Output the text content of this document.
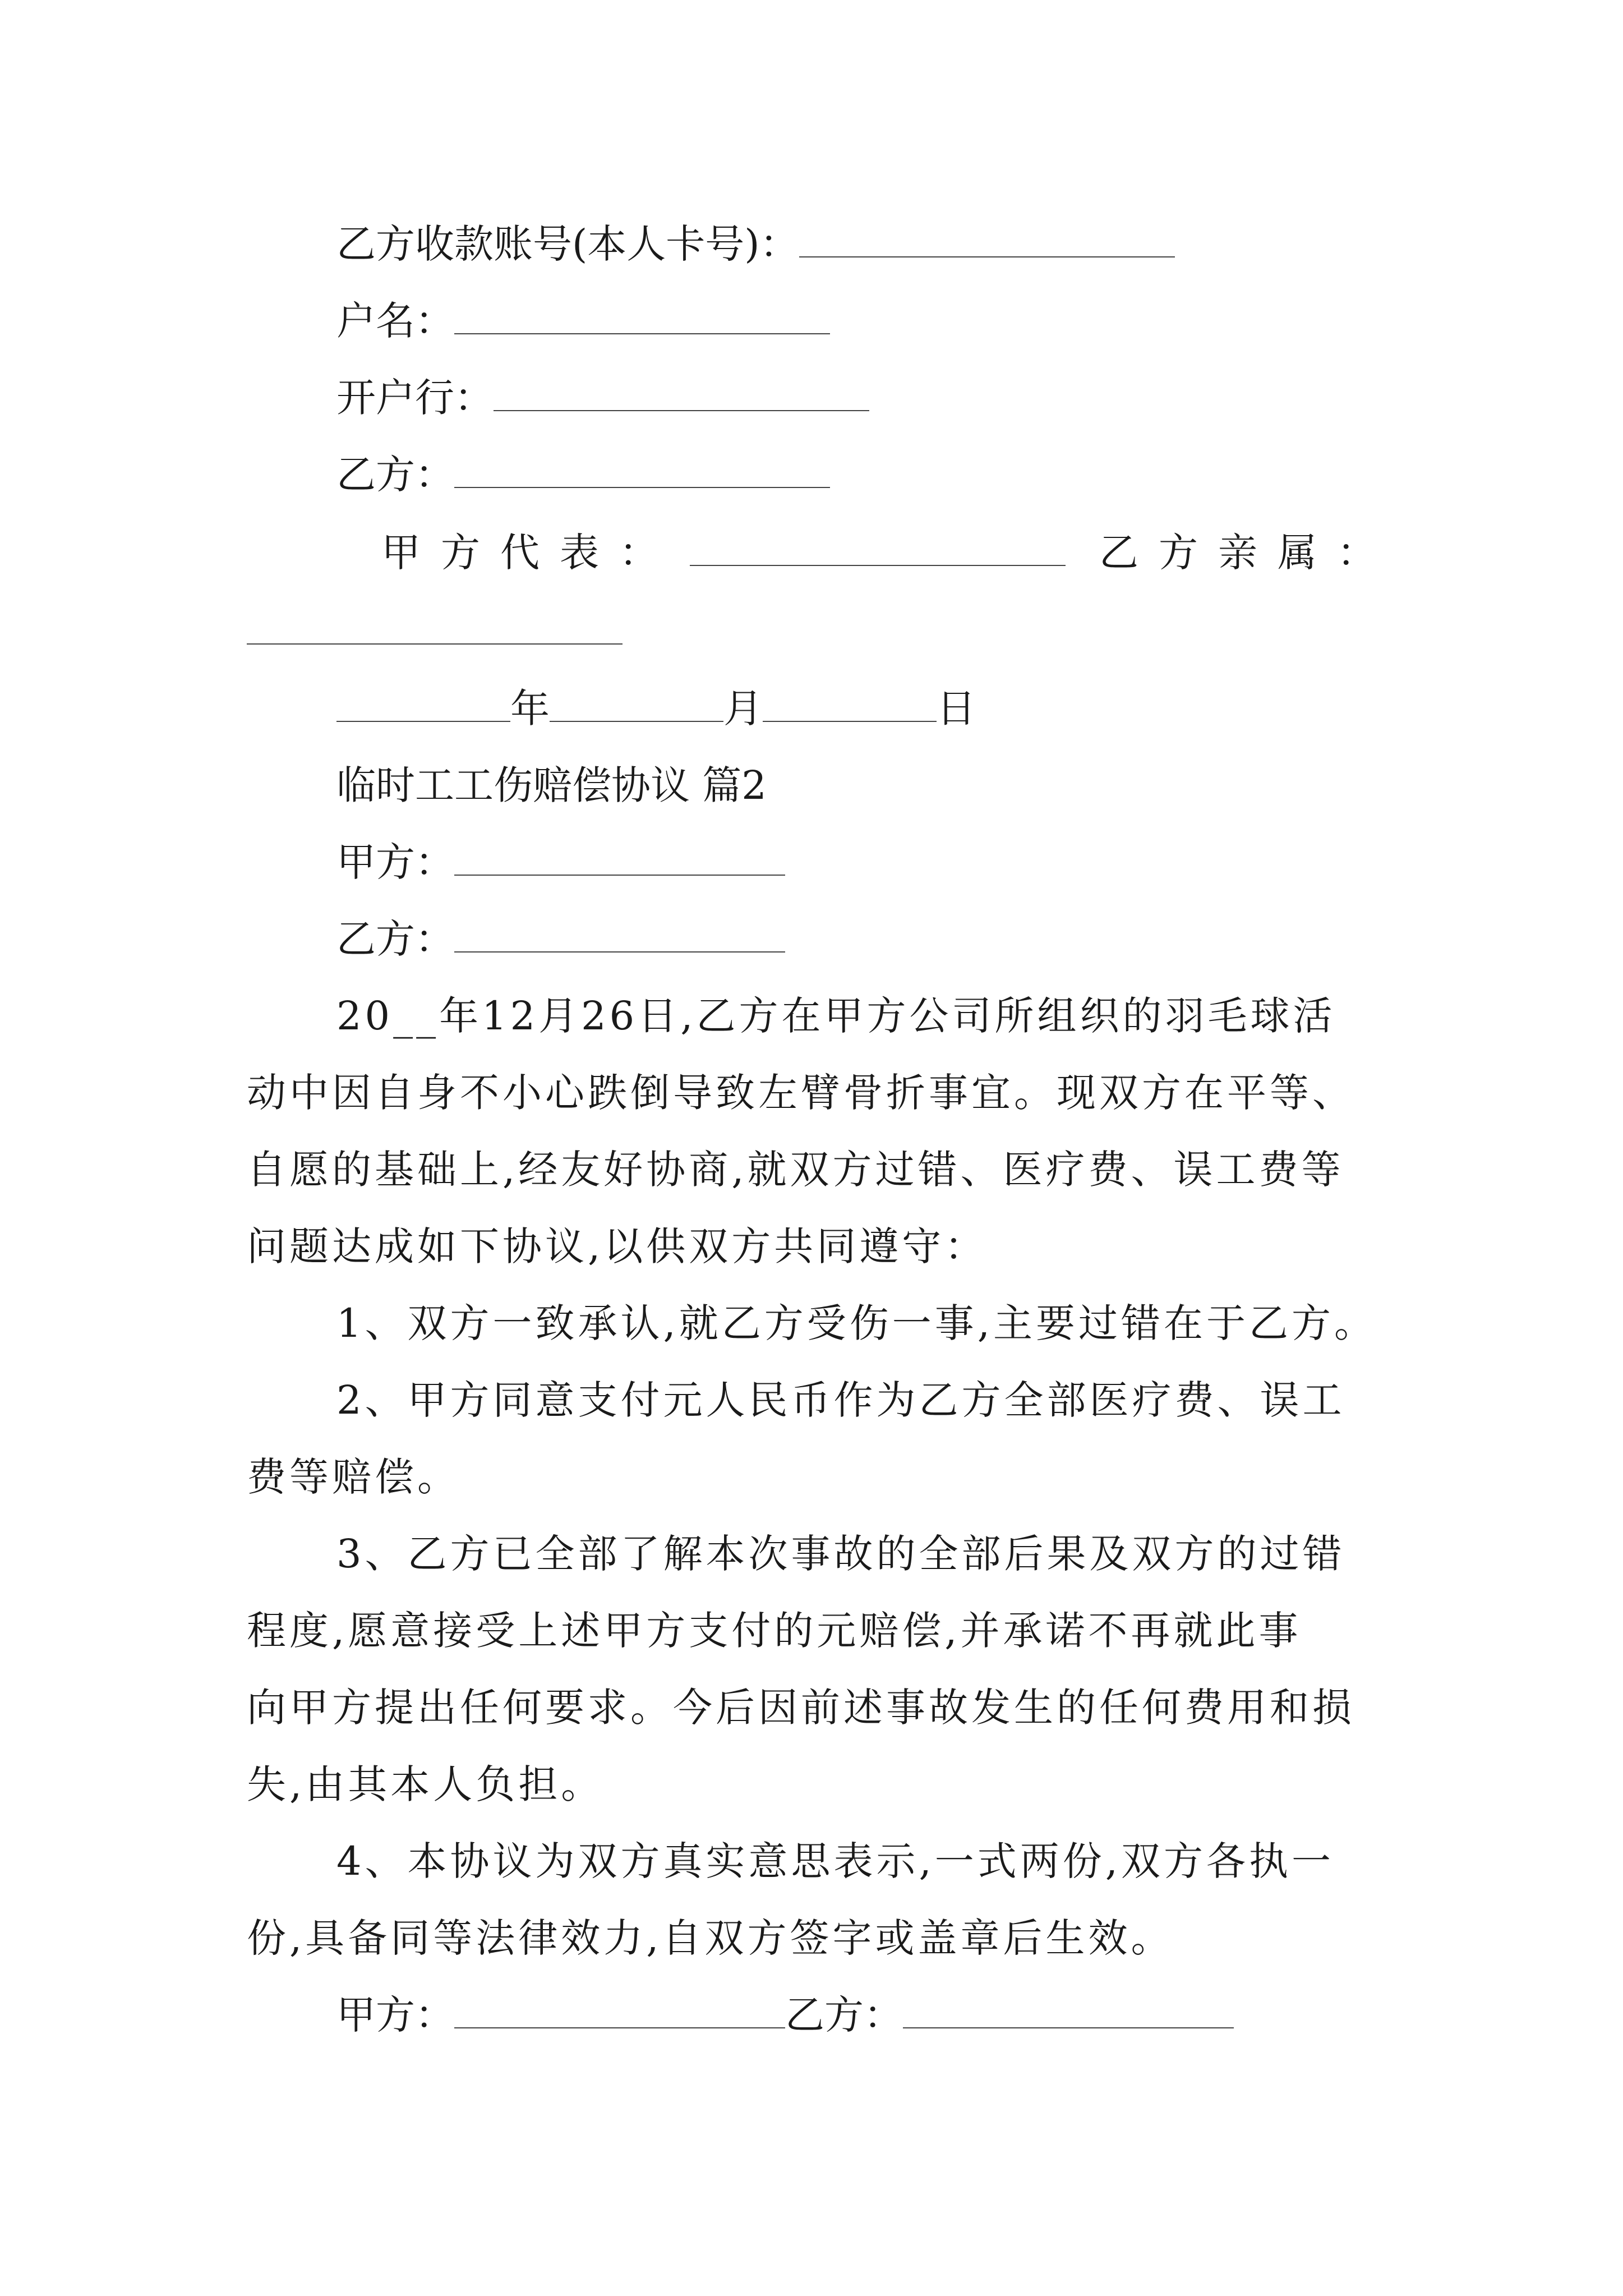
乙方收款账号(本人卡号)：
户名：
开户行：
乙方：
甲方代表：	乙方亲属：
年	月	日
临时工工伤赔偿协议 篇2
甲方：
乙方：
20__年12月26日,乙方在甲方公司所组织的羽毛球活
动中因自身不小心跌倒导致左臂骨折事宜。现双方在平等、
自愿的基础上,经友好协商,就双方过错、医疗费、误工费等
问题达成如下协议,以供双方共同遵守：
1、双方一致承认,就乙方受伤一事,主要过错在于乙方。
2、甲方同意支付元人民币作为乙方全部医疗费、误工
费等赔偿。
3、乙方已全部了解本次事故的全部后果及双方的过错
程度,愿意接受上述甲方支付的元赔偿,并承诺不再就此事
向甲方提出任何要求。今后因前述事故发生的任何费用和损
失,由其本人负担。
4、本协议为双方真实意思表示,一式两份,双方各执一
份,具备同等法律效力,自双方签字或盖章后生效。
甲方：	乙方：
